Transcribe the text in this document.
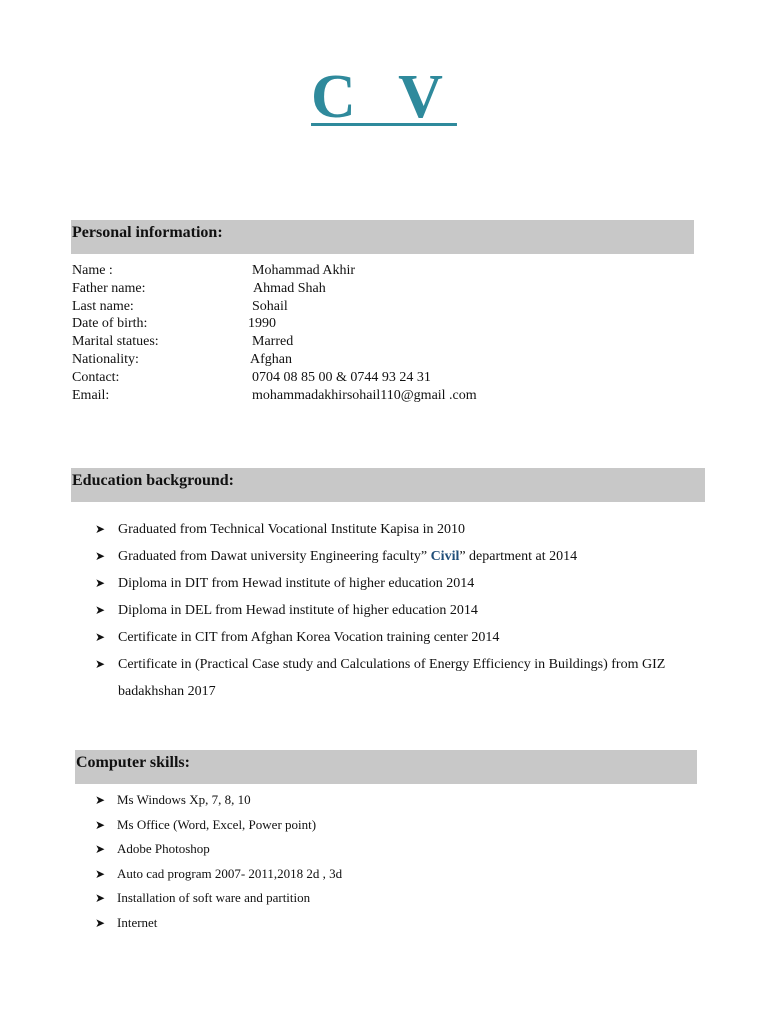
C V
Personal information:
Name :	Mohammad Akhir
Father name:	Ahmad Shah
Last name:	Sohail
Date of birth:	1990
Marital statues:	Marred
Nationality:	Afghan
Contact:	0704 08 85 00 & 0744 93 24 31
Email:	mohammadakhirsohail110@gmail .com
Education background:
➤ Graduated from Technical Vocational Institute Kapisa in 2010
➤ Graduated from Dawat university Engineering faculty” Civil” department at 2014
➤ Diploma in DIT from Hewad institute of higher education 2014
➤ Diploma in DEL from Hewad institute of higher education 2014
➤ Certificate in CIT from Afghan Korea Vocation training center 2014
➤ Certificate in (Practical Case study and Calculations of Energy Efficiency in Buildings) from GIZ badakhshan 2017
Computer skills:
➤ Ms Windows Xp, 7, 8, 10
➤ Ms Office (Word, Excel, Power point)
➤ Adobe Photoshop
➤ Auto cad program 2007- 2011,2018 2d , 3d
➤ Installation of soft ware and partition
➤ Internet
